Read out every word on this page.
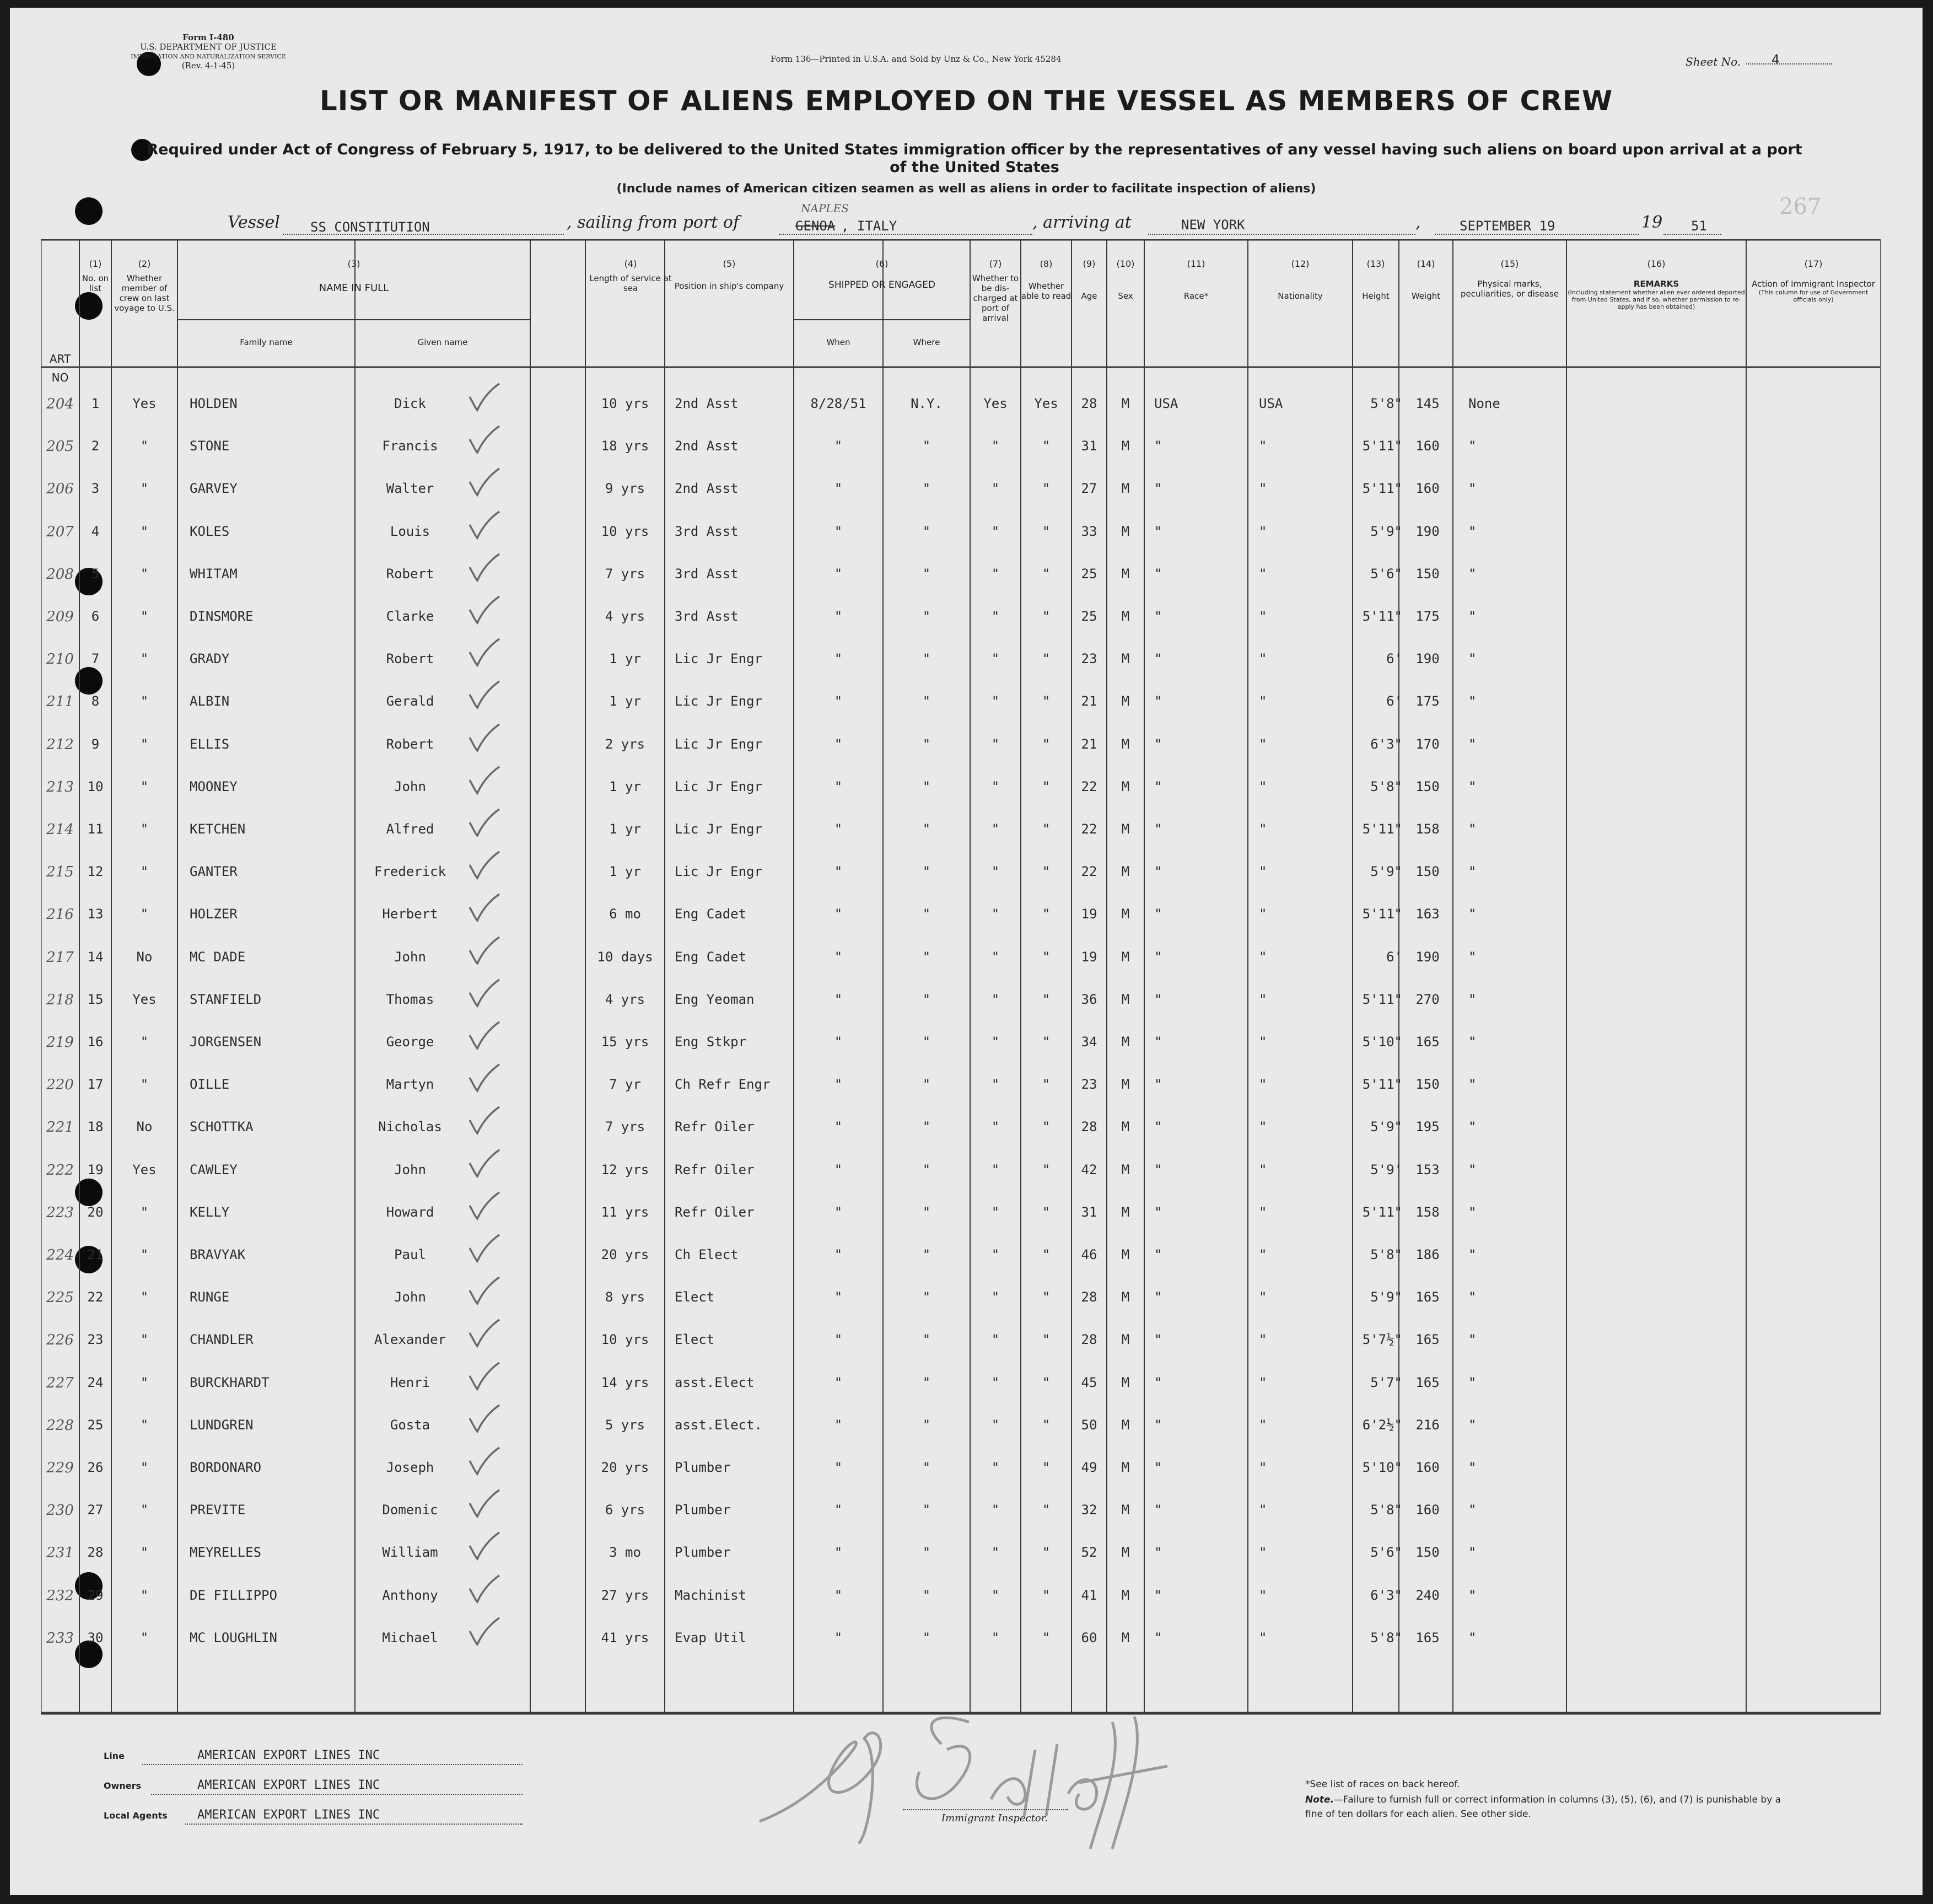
Form I-480
U.S. DEPARTMENT OF JUSTICE
IMMIGRATION AND NATURALIZATION SERVICE
(Rev. 4-1-45)
Form 136—Printed in U.S.A. and Sold by Unz & Co., New York 45284	Sheet No. 4
LIST OR MANIFEST OF ALIENS EMPLOYED ON THE VESSEL AS MEMBERS OF CREW
Required under Act of Congress of February 5, 1917, to be delivered to the United States immigration officer by the representatives of any vessel having such aliens on board upon arrival at a port of the United States
(Include names of American citizen seamen as well as aliens in order to facilitate inspection of aliens)
267
Vessel SS CONSTITUTION	, sailing from port of	GENOA
NAPLES
, ITALY	, arriving at	NEW YORK	,	SEPTEMBER 19	19 51
ART NO
(1)
No. on list
(2)
Whether member of crew on last voyage to U.S.
(3)
NAME IN FULL
Family name	Given name
(4)
Length of service at sea
(5)
Position in ship's company
(6)
SHIPPED OR ENGAGED
When	Where
(7)
Whether to be dis-charged at port of arrival
(8)
Whether able to read
(9)
Age
(10)
Sex
(11)
Race*
(12)
Nationality
(13)
Height
(14)
Weight
(15)
Physical marks, peculiarities, or disease
(16)
REMARKS
(Including statement whether alien ever ordered deported from United States, and if so, whether permission to re-apply has been obtained)
(17)
Action of Immigrant Inspector
(This column for use of Government officials only)
204	1	Yes	HOLDEN	Dick	10 yrs	2nd Asst	8/28/51	N.Y.	Yes	Yes	28	M	USA	USA	5'8"	145	None
205	2	"	STONE	Francis	18 yrs	2nd Asst	"	"	"	"	31	M	"	"	5'11"	160	"
206	3	"	GARVEY	Walter	9 yrs	2nd Asst	"	"	"	"	27	M	"	"	5'11"	160	"
207	4	"	KOLES	Louis	10 yrs	3rd Asst	"	"	"	"	33	M	"	"	5'9"	190	"
208	5	"	WHITAM	Robert	7 yrs	3rd Asst	"	"	"	"	25	M	"	"	5'6"	150	"
209	6	"	DINSMORE	Clarke	4 yrs	3rd Asst	"	"	"	"	25	M	"	"	5'11"	175	"
210	7	"	GRADY	Robert	1 yr	Lic Jr Engr	"	"	"	"	23	M	"	"	6'	190	"
211	8	"	ALBIN	Gerald	1 yr	Lic Jr Engr	"	"	"	"	21	M	"	"	6'	175	"
212	9	"	ELLIS	Robert	2 yrs	Lic Jr Engr	"	"	"	"	21	M	"	"	6'3"	170	"
213	10	"	MOONEY	John	1 yr	Lic Jr Engr	"	"	"	"	22	M	"	"	5'8"	150	"
214	11	"	KETCHEN	Alfred	1 yr	Lic Jr Engr	"	"	"	"	22	M	"	"	5'11"	158	"
215	12	"	GANTER	Frederick	1 yr	Lic Jr Engr	"	"	"	"	22	M	"	"	5'9"	150	"
216	13	"	HOLZER	Herbert	6 mo	Eng Cadet	"	"	"	"	19	M	"	"	5'11"	163	"
217	14	No	MC DADE	John	10 days	Eng Cadet	"	"	"	"	19	M	"	"	6'	190	"
218	15	Yes	STANFIELD	Thomas	4 yrs	Eng Yeoman	"	"	"	"	36	M	"	"	5'11"	270	"
219	16	"	JORGENSEN	George	15 yrs	Eng Stkpr	"	"	"	"	34	M	"	"	5'10"	165	"
220	17	"	OILLE	Martyn	7 yr	Ch Refr Engr	"	"	"	"	23	M	"	"	5'11"	150	"
221	18	No	SCHOTTKA	Nicholas	7 yrs	Refr Oiler	"	"	"	"	28	M	"	"	5'9"	195	"
222	19	Yes	CAWLEY	John	12 yrs	Refr Oiler	"	"	"	"	42	M	"	"	5'9'	153	"
223	20	"	KELLY	Howard	11 yrs	Refr Oiler	"	"	"	"	31	M	"	"	5'11"	158	"
224	21	"	BRAVYAK	Paul	20 yrs	Ch Elect	"	"	"	"	46	M	"	"	5'8"	186	"
225	22	"	RUNGE	John	8 yrs	Elect	"	"	"	"	28	M	"	"	5'9"	165	"
226	23	"	CHANDLER	Alexander	10 yrs	Elect	"	"	"	"	28	M	"	"	5'7½"	165	"
227	24	"	BURCKHARDT	Henri	14 yrs	asst.Elect	"	"	"	"	45	M	"	"	5'7"	165	"
228	25	"	LUNDGREN	Gosta	5 yrs	asst.Elect.	"	"	"	"	50	M	"	"	6'2½"	216	"
229	26	"	BORDONARO	Joseph	20 yrs	Plumber	"	"	"	"	49	M	"	"	5'10"	160	"
230	27	"	PREVITE	Domenic	6 yrs	Plumber	"	"	"	"	32	M	"	"	5'8"	160	"
231	28	"	MEYRELLES	William	3 mo	Plumber	"	"	"	"	52	M	"	"	5'6"	150	"
232	29	"	DE FILLIPPO	Anthony	27 yrs	Machinist	"	"	"	"	41	M	"	"	6'3"	240	"
233	30	"	MC LOUGHLIN	Michael	41 yrs	Evap Util	"	"	"	"	60	M	"	"	5'8"	165	"
Line	AMERICAN EXPORT LINES INC
Owners	AMERICAN EXPORT LINES INC
Local Agents AMERICAN EXPORT LINES INC	Immigrant Inspector.
*See list of races on back hereof.
Note.—Failure to furnish full or correct information in columns (3), (5), (6), and (7) is punishable by a fine of ten dollars for each alien. See other side.
